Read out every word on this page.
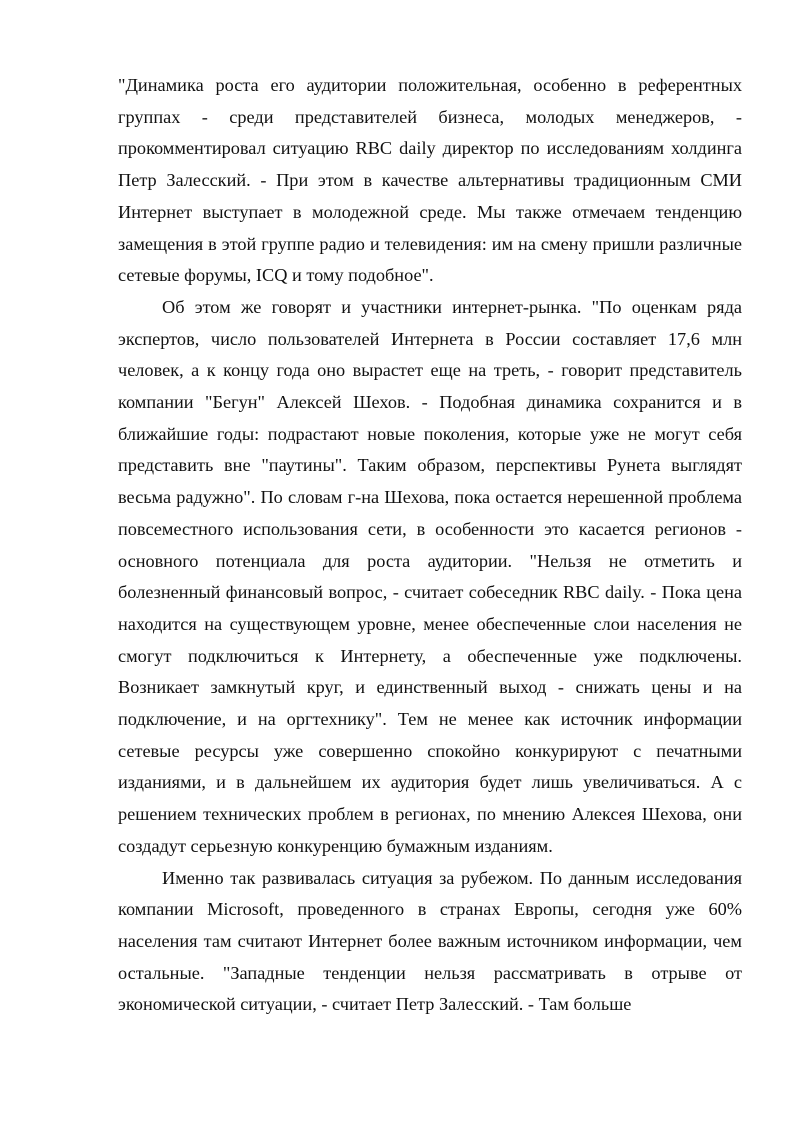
"Динамика роста его аудитории положительная, особенно в референтных группах - среди представителей бизнеса, молодых менеджеров, - прокомментировал ситуацию RBC daily директор по исследованиям холдинга Петр Залесский. - При этом в качестве альтернативы традиционным СМИ Интернет выступает в молодежной среде. Мы также отмечаем тенденцию замещения в этой группе радио и телевидения: им на смену пришли различные сетевые форумы, ICQ и тому подобное".

Об этом же говорят и участники интернет-рынка. "По оценкам ряда экспертов, число пользователей Интернета в России составляет 17,6 млн человек, а к концу года оно вырастет еще на треть, - говорит представитель компании "Бегун" Алексей Шехов. - Подобная динамика сохранится и в ближайшие годы: подрастают новые поколения, которые уже не могут себя представить вне "паутины". Таким образом, перспективы Рунета выглядят весьма радужно". По словам г-на Шехова, пока остается нерешенной проблема повсеместного использования сети, в особенности это касается регионов - основного потенциала для роста аудитории. "Нельзя не отметить и болезненный финансовый вопрос, - считает собеседник RBC daily. - Пока цена находится на существующем уровне, менее обеспеченные слои населения не смогут подключиться к Интернету, а обеспеченные уже подключены. Возникает замкнутый круг, и единственный выход - снижать цены и на подключение, и на оргтехнику". Тем не менее как источник информации сетевые ресурсы уже совершенно спокойно конкурируют с печатными изданиями, и в дальнейшем их аудитория будет лишь увеличиваться. А с решением технических проблем в регионах, по мнению Алексея Шехова, они создадут серьезную конкуренцию бумажным изданиям.

Именно так развивалась ситуация за рубежом. По данным исследования компании Microsoft, проведенного в странах Европы, сегодня уже 60% населения там считают Интернет более важным источником информации, чем остальные. "Западные тенденции нельзя рассматривать в отрыве от экономической ситуации, - считает Петр Залесский. - Там больше
